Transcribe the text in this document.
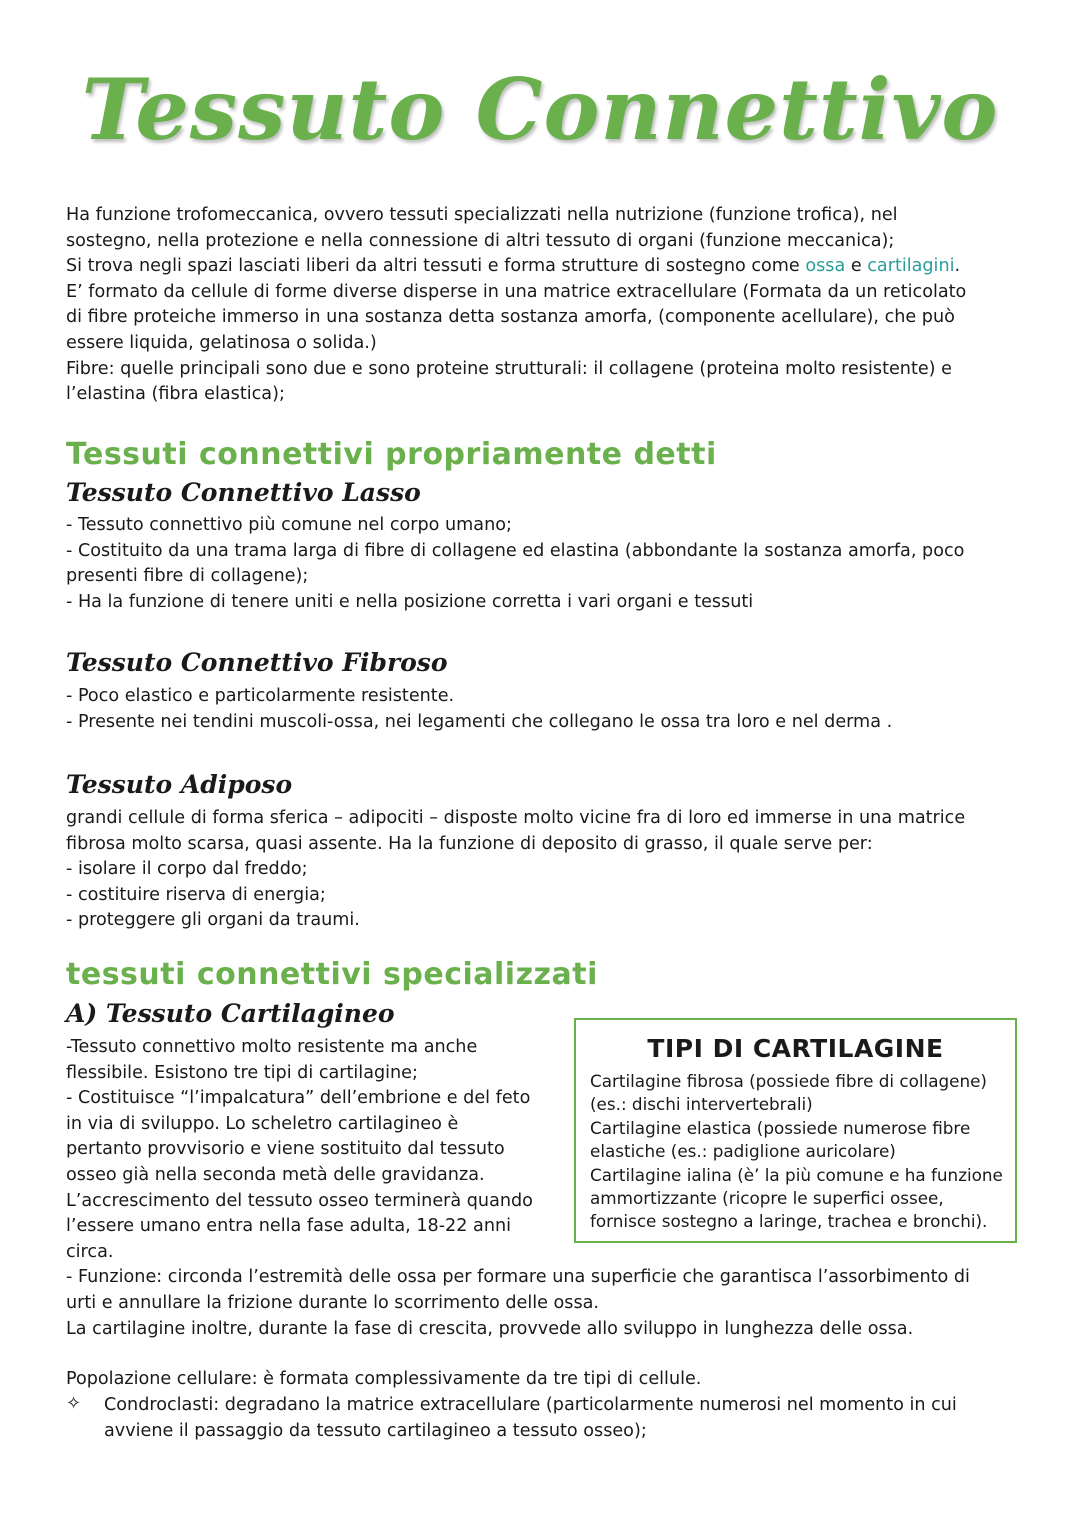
Tessuto Connettivo
Ha funzione trofomeccanica, ovvero tessuti specializzati nella nutrizione (funzione trofica), nel
sostegno, nella protezione e nella connessione di altri tessuto di organi (funzione meccanica);
Si trova negli spazi lasciati liberi da altri tessuti e forma strutture di sostegno come ossa e cartilagini.
E’ formato da cellule di forme diverse disperse in una matrice extracellulare (Formata da un reticolato
di fibre proteiche immerso in una sostanza detta sostanza amorfa, (componente acellulare), che può
essere liquida, gelatinosa o solida.)
Fibre: quelle principali sono due e sono proteine strutturali: il collagene (proteina molto resistente) e
l’elastina (fibra elastica);
Tessuti connettivi propriamente detti
Tessuto Connettivo Lasso
- Tessuto connettivo più comune nel corpo umano;
- Costituito da una trama larga di fibre di collagene ed elastina (abbondante la sostanza amorfa, poco
presenti fibre di collagene);
- Ha la funzione di tenere uniti e nella posizione corretta i vari organi e tessuti
Tessuto Connettivo Fibroso
- Poco elastico e particolarmente resistente.
- Presente nei tendini muscoli-ossa, nei legamenti che collegano le ossa tra loro e nel derma .
Tessuto Adiposo
grandi cellule di forma sferica – adipociti – disposte molto vicine fra di loro ed immerse in una matrice
fibrosa molto scarsa, quasi assente. Ha la funzione di deposito di grasso, il quale serve per:
- isolare il corpo dal freddo;
- costituire riserva di energia;
- proteggere gli organi da traumi.
tessuti connettivi specializzati
A) Tessuto Cartilagineo
-Tessuto connettivo molto resistente ma anche
flessibile. Esistono tre tipi di cartilagine;
- Costituisce “l’impalcatura” dell’embrione e del feto
in via di sviluppo. Lo scheletro cartilagineo è
pertanto provvisorio e viene sostituito dal tessuto
osseo già nella seconda metà delle gravidanza.
L’accrescimento del tessuto osseo terminerà quando
l’essere umano entra nella fase adulta, 18-22 anni
circa.
- Funzione: circonda l’estremità delle ossa per formare una superficie che garantisca l’assorbimento di
urti e annullare la frizione durante lo scorrimento delle ossa.
La cartilagine inoltre, durante la fase di crescita, provvede allo sviluppo in lunghezza delle ossa.
TIPI DI CARTILAGINE
Cartilagine fibrosa (possiede fibre di collagene)
(es.: dischi intervertebrali)
Cartilagine elastica (possiede numerose fibre
elastiche (es.: padiglione auricolare)
Cartilagine ialina (è’ la più comune e ha funzione
ammortizzante (ricopre le superfici ossee,
fornisce sostegno a laringe, trachea e bronchi).
Popolazione cellulare: è formata complessivamente da tre tipi di cellule.
✧ Condroclasti: degradano la matrice extracellulare (particolarmente numerosi nel momento in cui
avviene il passaggio da tessuto cartilagineo a tessuto osseo);
